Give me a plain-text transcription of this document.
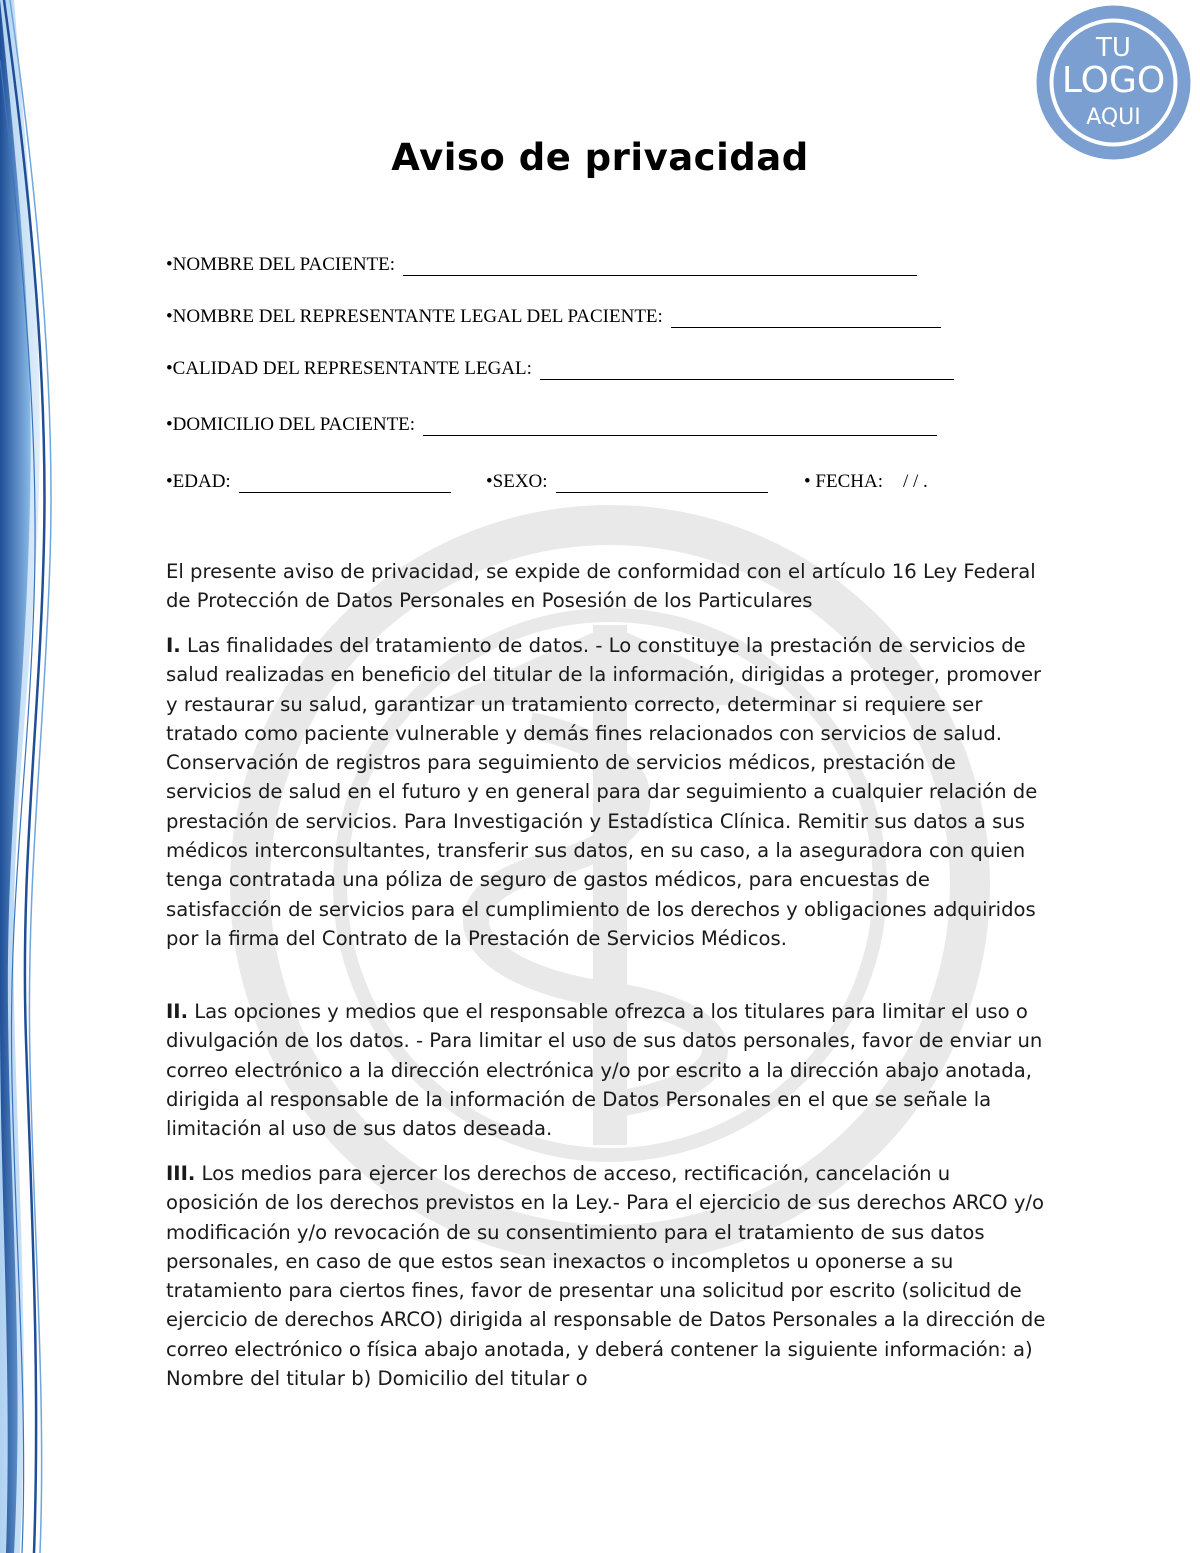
TU
LOGO
AQUI
Aviso de privacidad
•NOMBRE DEL PACIENTE:
•NOMBRE DEL REPRESENTANTE LEGAL DEL PACIENTE:
•CALIDAD DEL REPRESENTANTE LEGAL:
•DOMICILIO DEL PACIENTE:
•EDAD:	•SEXO:	• FECHA: / / .

El presente aviso de privacidad, se expide de conformidad con el artículo 16 Ley Federal de Protección de Datos Personales en Posesión de los Particulares

I. Las finalidades del tratamiento de datos. - Lo constituye la prestación de servicios de salud realizadas en beneficio del titular de la información, dirigidas a proteger, promover y restaurar su salud, garantizar un tratamiento correcto, determinar si requiere ser tratado como paciente vulnerable y demás fines relacionados con servicios de salud. Conservación de registros para seguimiento de servicios médicos, prestación de servicios de salud en el futuro y en general para dar seguimiento a cualquier relación de prestación de servicios. Para Investigación y Estadística Clínica. Remitir sus datos a sus médicos interconsultantes, transferir sus datos, en su caso, a la aseguradora con quien tenga contratada una póliza de seguro de gastos médicos, para encuestas de satisfacción de servicios para el cumplimiento de los derechos y obligaciones adquiridos por la firma del Contrato de la Prestación de Servicios Médicos.

II. Las opciones y medios que el responsable ofrezca a los titulares para limitar el uso o divulgación de los datos. - Para limitar el uso de sus datos personales, favor de enviar un correo electrónico a la dirección electrónica y/o por escrito a la dirección abajo anotada, dirigida al responsable de la información de Datos Personales en el que se señale la limitación al uso de sus datos deseada.

III. Los medios para ejercer los derechos de acceso, rectificación, cancelación u oposición de los derechos previstos en la Ley.- Para el ejercicio de sus derechos ARCO y/o modificación y/o revocación de su consentimiento para el tratamiento de sus datos personales, en caso de que estos sean inexactos o incompletos u oponerse a su tratamiento para ciertos fines, favor de presentar una solicitud por escrito (solicitud de ejercicio de derechos ARCO) dirigida al responsable de Datos Personales a la dirección de correo electrónico o física abajo anotada, y deberá contener la siguiente información: a) Nombre del titular b) Domicilio del titular o
